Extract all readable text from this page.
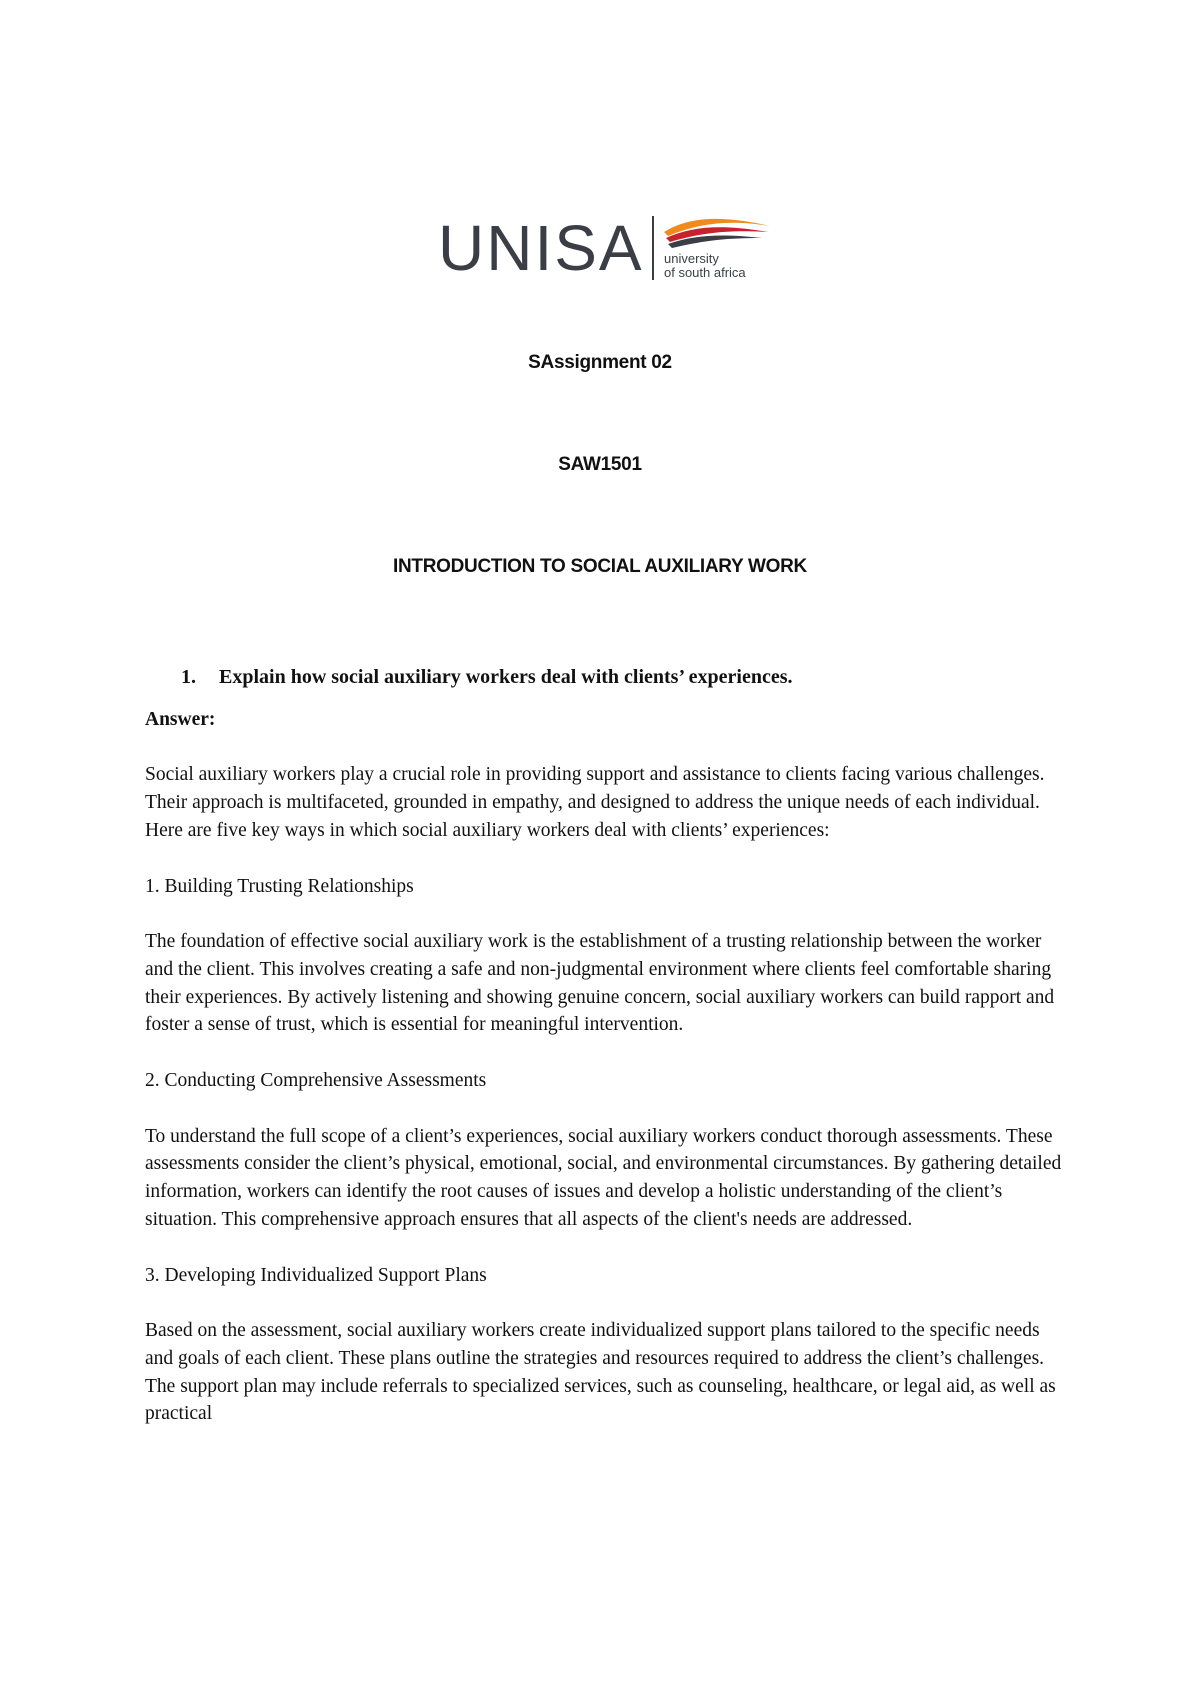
UNISA university
of south africa
SAssignment 02
SAW1501
INTRODUCTION TO SOCIAL AUXILIARY WORK
1.	Explain how social auxiliary workers deal with clients’ experiences.
Answer:

Social auxiliary workers play a crucial role in providing support and assistance to clients facing various challenges. Their approach is multifaceted, grounded in empathy, and designed to address the unique needs of each individual. Here are five key ways in which social auxiliary workers deal with clients’ experiences:

1. Building Trusting Relationships

The foundation of effective social auxiliary work is the establishment of a trusting relationship between the worker and the client. This involves creating a safe and non-judgmental environment where clients feel comfortable sharing their experiences. By actively listening and showing genuine concern, social auxiliary workers can build rapport and foster a sense of trust, which is essential for meaningful intervention.

2. Conducting Comprehensive Assessments

To understand the full scope of a client’s experiences, social auxiliary workers conduct thorough assessments. These assessments consider the client’s physical, emotional, social, and environmental circumstances. By gathering detailed information, workers can identify the root causes of issues and develop a holistic understanding of the client’s situation. This comprehensive approach ensures that all aspects of the client's needs are addressed.

3. Developing Individualized Support Plans

Based on the assessment, social auxiliary workers create individualized support plans tailored to the specific needs and goals of each client. These plans outline the strategies and resources required to address the client’s challenges. The support plan may include referrals to specialized services, such as counseling, healthcare, or legal aid, as well as practical
